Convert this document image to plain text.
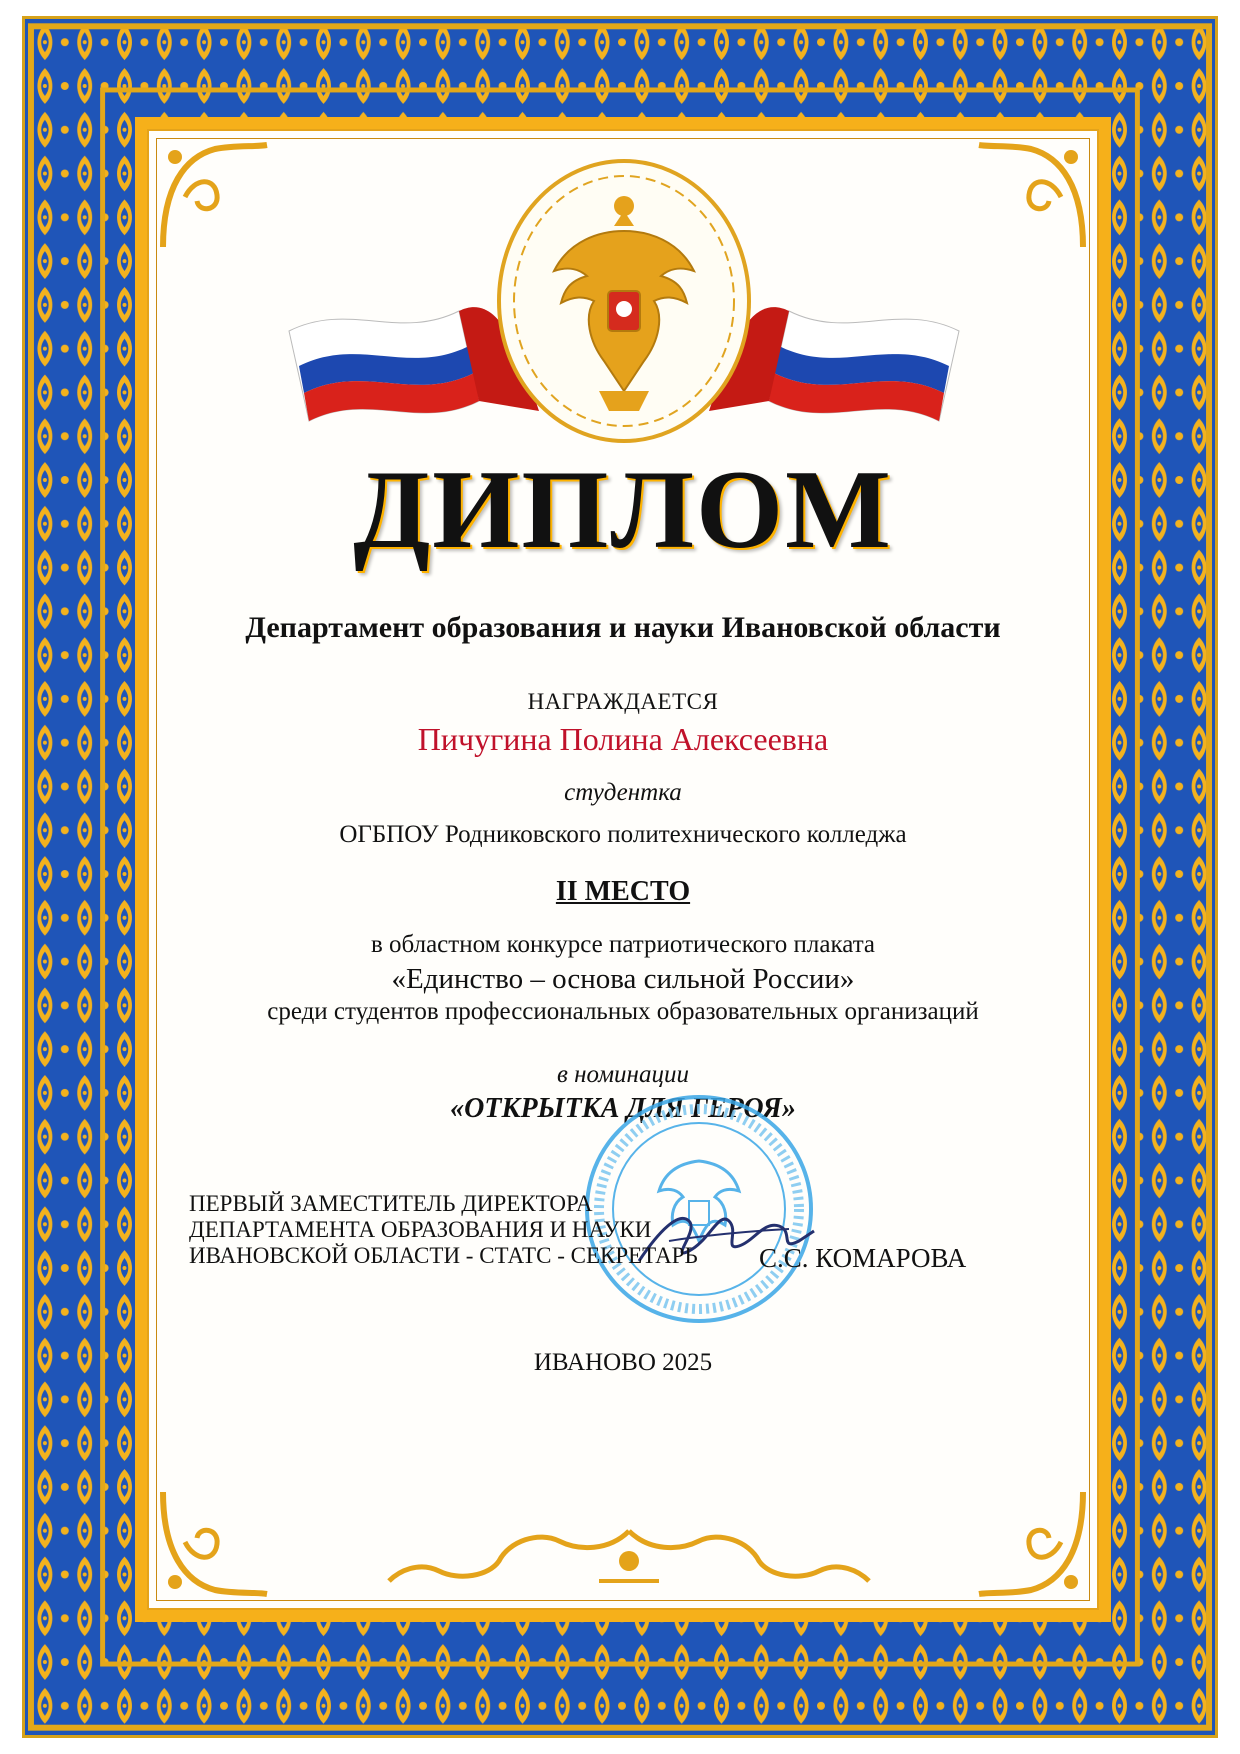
ДИПЛОМ
Департамент образования и науки Ивановской области
НАГРАЖДАЕТСЯ
Пичугина Полина Алексеевна
студентка
ОГБПОУ Родниковского политехнического колледжа
II МЕСТО
в областном конкурсе патриотического плаката
«Единство – основа сильной России»
среди студентов профессиональных образовательных организаций
в номинации
«ОТКРЫТКА ДЛЯ ГЕРОЯ»
ПЕРВЫЙ ЗАМЕСТИТЕЛЬ ДИРЕКТОРА
ДЕПАРТАМЕНТА ОБРАЗОВАНИЯ И НАУКИ
ИВАНОВСКОЙ ОБЛАСТИ - СТАТС - СЕКРЕТАРЬ С.С. КОМАРОВА
ИВАНОВО 2025
